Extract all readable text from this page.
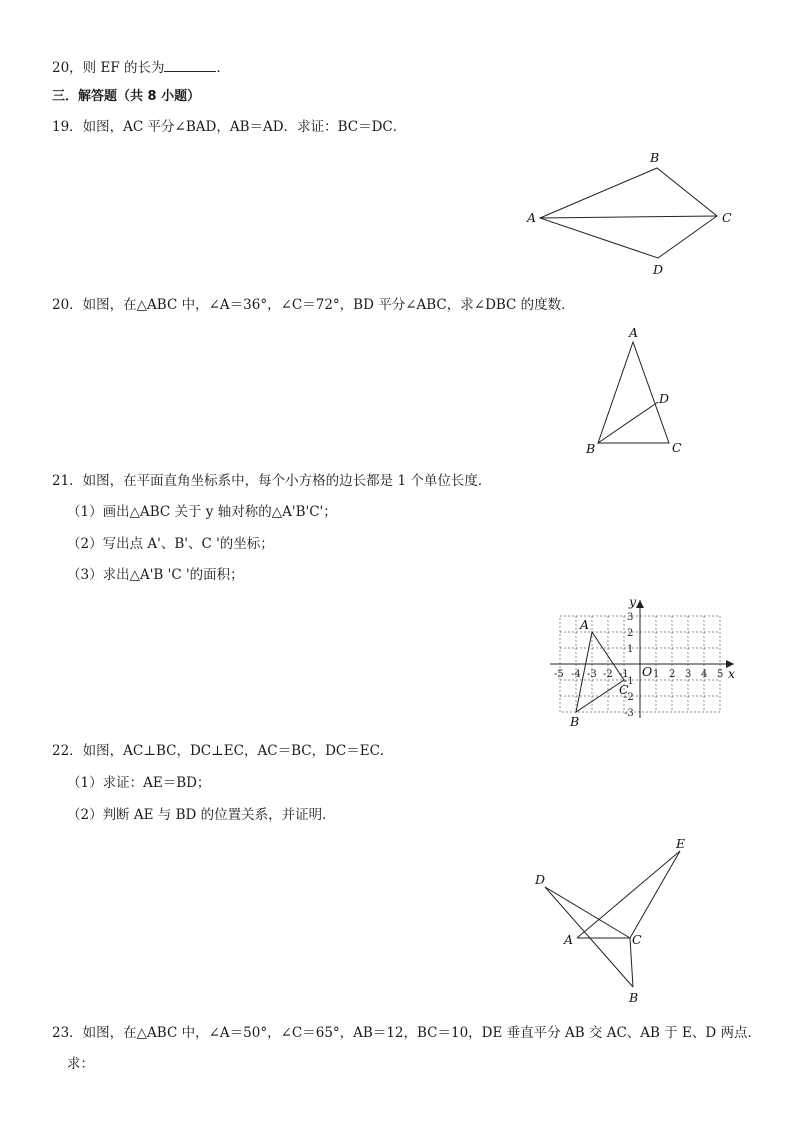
20，则 EF 的长为	．
三．解答题（共 8 小题）
19．如图，AC 平分∠BAD，AB＝AD．求证：BC＝DC．
A
B
C
D
20．如图，在△ABC 中，∠A＝36°，∠C＝72°，BD 平分∠ABC，求∠DBC 的度数．
A
B	C
D
21．如图，在平面直角坐标系中，每个小方格的边长都是 1 个单位长度．
（1）画出△ABC 关于 y 轴对称的△A'B'C'；
（2）写出点 A'、B'、C '的坐标；
（3）求出△A'B 'C '的面积；
x
y
O
-5 -4 -3 -2 -1 1 2 3 4 5
3
2
1
-1
-2
-3
A
B
C
22．如图，AC⊥BC，DC⊥EC，AC＝BC，DC＝EC．
（1）求证：AE＝BD；
（2）判断 AE 与 BD 的位置关系，并证明．
A
B
C
D
E
23．如图，在△ABC 中，∠A＝50°，∠C＝65°，AB＝12，BC＝10，DE 垂直平分 AB 交 AC、AB 于 E、D 两点．
求：
